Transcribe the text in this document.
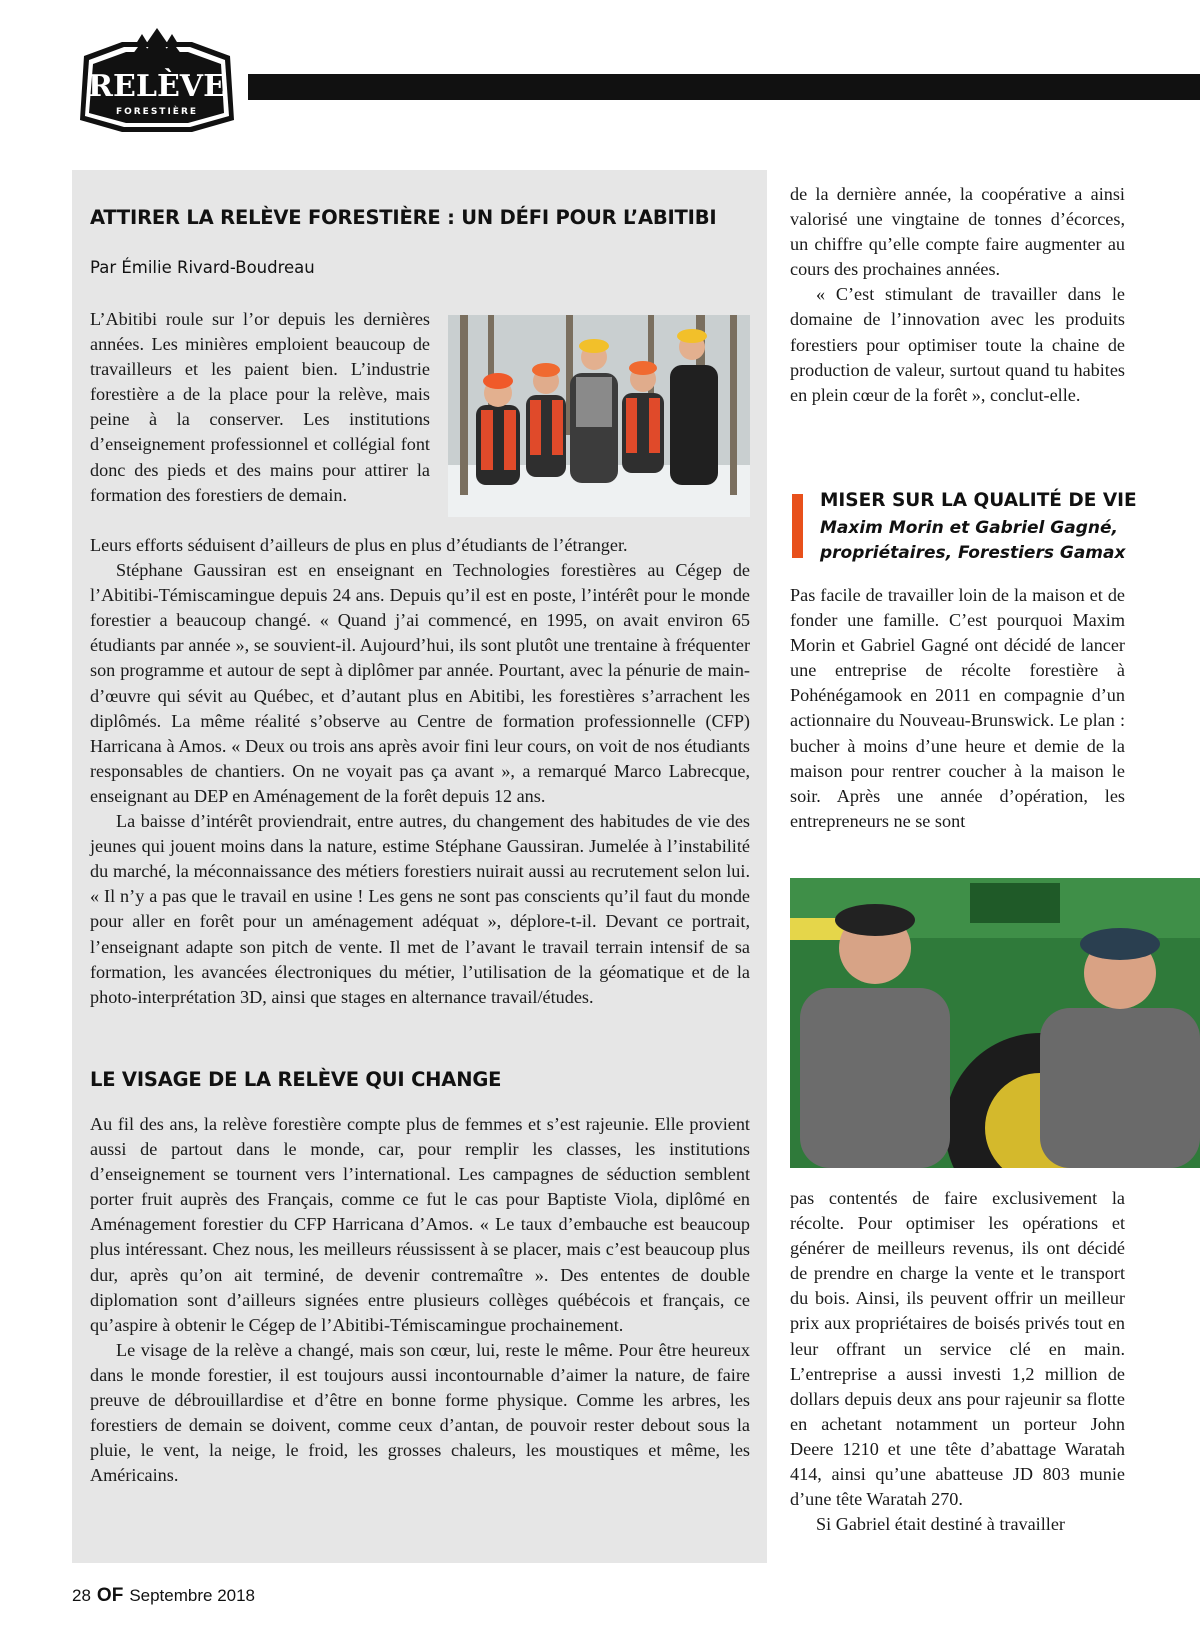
RELÈVE
FORESTIÈRE
ATTIRER LA RELÈVE FORESTIÈRE : UN DÉFI POUR L’ABITIBI
Par Émilie Rivard-Boudreau

L’Abitibi roule sur l’or depuis les dernières années. Les minières emploient beaucoup de travailleurs et les paient bien. L’industrie forestière a de la place pour la relève, mais peine à la conserver. Les institutions d’enseignement professionnel et collégial font donc des pieds et des mains pour attirer la formation des forestiers de demain.

Leurs efforts séduisent d’ailleurs de plus en plus d’étudiants de l’étranger.

Stéphane Gaussiran est en enseignant en Technologies forestières au Cégep de l’Abitibi-Témiscamingue depuis 24 ans. Depuis qu’il est en poste, l’intérêt pour le monde forestier a beaucoup changé. « Quand j’ai commencé, en 1995, on avait environ 65 étudiants par année », se souvient-il. Aujourd’hui, ils sont plutôt une trentaine à fréquenter son programme et autour de sept à diplômer par année. Pourtant, avec la pénurie de main-d’œuvre qui sévit au Québec, et d’autant plus en Abitibi, les forestières s’arrachent les diplômés. La même réalité s’observe au Centre de formation professionnelle (CFP) Harricana à Amos. « Deux ou trois ans après avoir fini leur cours, on voit de nos étudiants responsables de chantiers. On ne voyait pas ça avant », a remarqué Marco Labrecque, enseignant au DEP en Aménagement de la forêt depuis 12 ans.

La baisse d’intérêt proviendrait, entre autres, du changement des habitudes de vie des jeunes qui jouent moins dans la nature, estime Stéphane Gaussiran. Jumelée à l’instabilité du marché, la méconnaissance des métiers forestiers nuirait aussi au recrutement selon lui. « Il n’y a pas que le travail en usine ! Les gens ne sont pas conscients qu’il faut du monde pour aller en forêt pour un aménagement adéquat », déplore-t-il. Devant ce portrait, l’enseignant adapte son pitch de vente. Il met de l’avant le travail terrain intensif de sa formation, les avancées électroniques du métier, l’utilisation de la géomatique et de la photo-interprétation 3D, ainsi que stages en alternance travail/études.

LE VISAGE DE LA RELÈVE QUI CHANGE

Au fil des ans, la relève forestière compte plus de femmes et s’est rajeunie. Elle provient aussi de partout dans le monde, car, pour remplir les classes, les institutions d’enseignement se tournent vers l’international. Les campagnes de séduction semblent porter fruit auprès des Français, comme ce fut le cas pour Baptiste Viola, diplômé en Aménagement forestier du CFP Harricana d’Amos. « Le taux d’embauche est beaucoup plus intéressant. Chez nous, les meilleurs réussissent à se placer, mais c’est beaucoup plus dur, après qu’on ait terminé, de devenir contremaître ». Des ententes de double diplomation sont d’ailleurs signées entre plusieurs collèges québécois et français, ce qu’aspire à obtenir le Cégep de l’Abitibi-Témiscamingue prochainement.

Le visage de la relève a changé, mais son cœur, lui, reste le même. Pour être heureux dans le monde forestier, il est toujours aussi incontournable d’aimer la nature, de faire preuve de débrouillardise et d’être en bonne forme physique. Comme les arbres, les forestiers de demain se doivent, comme ceux d’antan, de pouvoir rester debout sous la pluie, le vent, la neige, le froid, les grosses chaleurs, les moustiques et même, les Américains.

de la dernière année, la coopérative a ainsi valorisé une vingtaine de tonnes d’écorces, un chiffre qu’elle compte faire augmenter au cours des prochaines années.

« C’est stimulant de travailler dans le domaine de l’innovation avec les produits forestiers pour optimiser toute la chaine de production de valeur, surtout quand tu habites en plein cœur de la forêt », conclut-elle.

MISER SUR LA QUALITÉ DE VIE
Maxim Morin et Gabriel Gagné,
propriétaires, Forestiers Gamax

Pas facile de travailler loin de la maison et de fonder une famille. C’est pourquoi Maxim Morin et Gabriel Gagné ont décidé de lancer une entreprise de récolte forestière à Pohénégamook en 2011 en compagnie d’un actionnaire du Nouveau-Brunswick. Le plan : bucher à moins d’une heure et demie de la maison pour rentrer coucher à la maison le soir. Après une année d’opération, les entrepreneurs ne se sont

pas contentés de faire exclusivement la récolte. Pour optimiser les opérations et générer de meilleurs revenus, ils ont décidé de prendre en charge la vente et le transport du bois. Ainsi, ils peuvent offrir un meilleur prix aux propriétaires de boisés privés tout en leur offrant un service clé en main. L’entreprise a aussi investi 1,2 million de dollars depuis deux ans pour rajeunir sa flotte en achetant notamment un porteur John Deere 1210 et une tête d’abattage Waratah 414, ainsi qu’une abatteuse JD 803 munie d’une tête Waratah 270.

Si Gabriel était destiné à travailler

28 OF Septembre 2018
